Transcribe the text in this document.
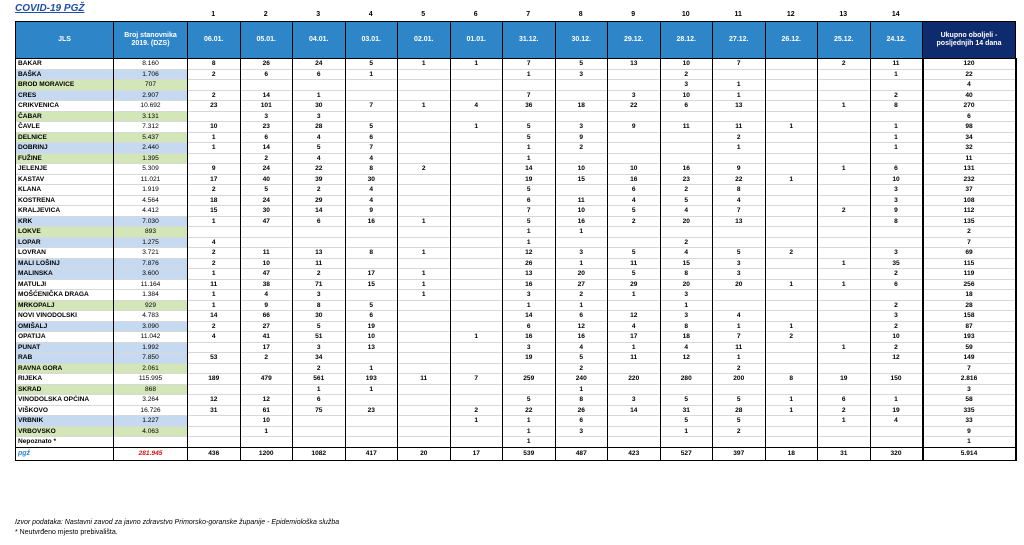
COVID-19 PGŽ
1	2	3	4	5	6	7	8	9	10	11	12	13	14
JLS	Broj stanovnika 2019. (DZS)	06.01.	05.01.	04.01.	03.01.	02.01.	01.01.	31.12.	30.12.	29.12.	28.12.	27.12.	26.12.	25.12.	24.12.	Ukupno oboljeli - posljednjih 14 dana
BAKAR	8.160	8	26	24	5	1	1	7	5	13	10	7		2	11	120
BAŠKA	1.706	2	6	6	1			1	3		2				1	22
BROD MORAVICE	707										3	1				4
CRES	2.907	2	14	1				7		3	10	1			2	40
CRIKVENICA	10.692	23	101	30	7	1	4	36	18	22	6	13		1	8	270
ČABAR	3.131		3	3												6
ČAVLE	7.312	10	23	28	5		1	5	3	9	11	11	1		1	98
DELNICE	5.437	1	6	4	6			5	9			2			1	34
DOBRINJ	2.440	1	14	5	7			1	2			1			1	32
FUŽINE	1.395		2	4	4			1								11
JELENJE	5.309	9	24	22	8	2		14	10	10	16	9		1	6	131
KASTAV	11.021	17	40	39	30			19	15	16	23	22	1		10	232
KLANA	1.919	2	5	2	4			5		6	2	8			3	37
KOSTRENA	4.564	18	24	29	4			6	11	4	5	4			3	108
KRALJEVICA	4.412	15	30	14	9			7	10	5	4	7		2	9	112
KRK	7.030	1	47	6	16	1		5	16	2	20	13			8	135
LOKVE	893							1	1							2
LOPAR	1.275	4						1			2					7
LOVRAN	3.721	2	11	13	8	1		12	3	5	4	5	2		3	69
MALI LOŠINJ	7.876	2	10	11				26	1	11	15	3		1	35	115
MALINSKA	3.600	1	47	2	17	1		13	20	5	8	3			2	119
MATULJI	11.164	11	38	71	15	1		16	27	29	20	20	1	1	6	256
MOŠĆENIČKA DRAGA	1.384	1	4	3		1		3	2	1	3					18
MRKOPALJ	929	1	9	8	5			1	1		1				2	28
NOVI VINODOLSKI	4.783	14	66	30	6			14	6	12	3	4			3	158
OMIŠALJ	3.090	2	27	5	19			6	12	4	8	1	1		2	87
OPATIJA	11.042	4	41	51	10		1	16	16	17	18	7	2		10	193
PUNAT	1.992		17	3	13			3	4	1	4	11		1	2	59
RAB	7.850	53	2	34				19	5	11	12	1			12	149
RAVNA GORA	2.061			2	1				2			2				7
RIJEKA	115.995	189	479	561	193	11	7	259	240	220	280	200	8	19	150	2.816
SKRAD	868			1	1				1							3
VINODOLSKA OPĆINA	3.264	12	12	6				5	8	3	5	5	1	6	1	58
VIŠKOVO	16.726	31	61	75	23		2	22	26	14	31	28	1	2	19	335
VRBNIK	1.227		10				1	1	6		5	5		1	4	33
VRBOVSKO	4.063		1					1	3		1	2				9
Nepoznato *								1								1
pgž	281.945	436	1200	1082	417	20	17	539	487	423	527	397	18	31	320	5.914
Izvor podataka: Nastavni zavod za javno zdravstvo Primorsko-goranske županije - Epidemiološka služba
* Neutvrđeno mjesto prebivališta.
